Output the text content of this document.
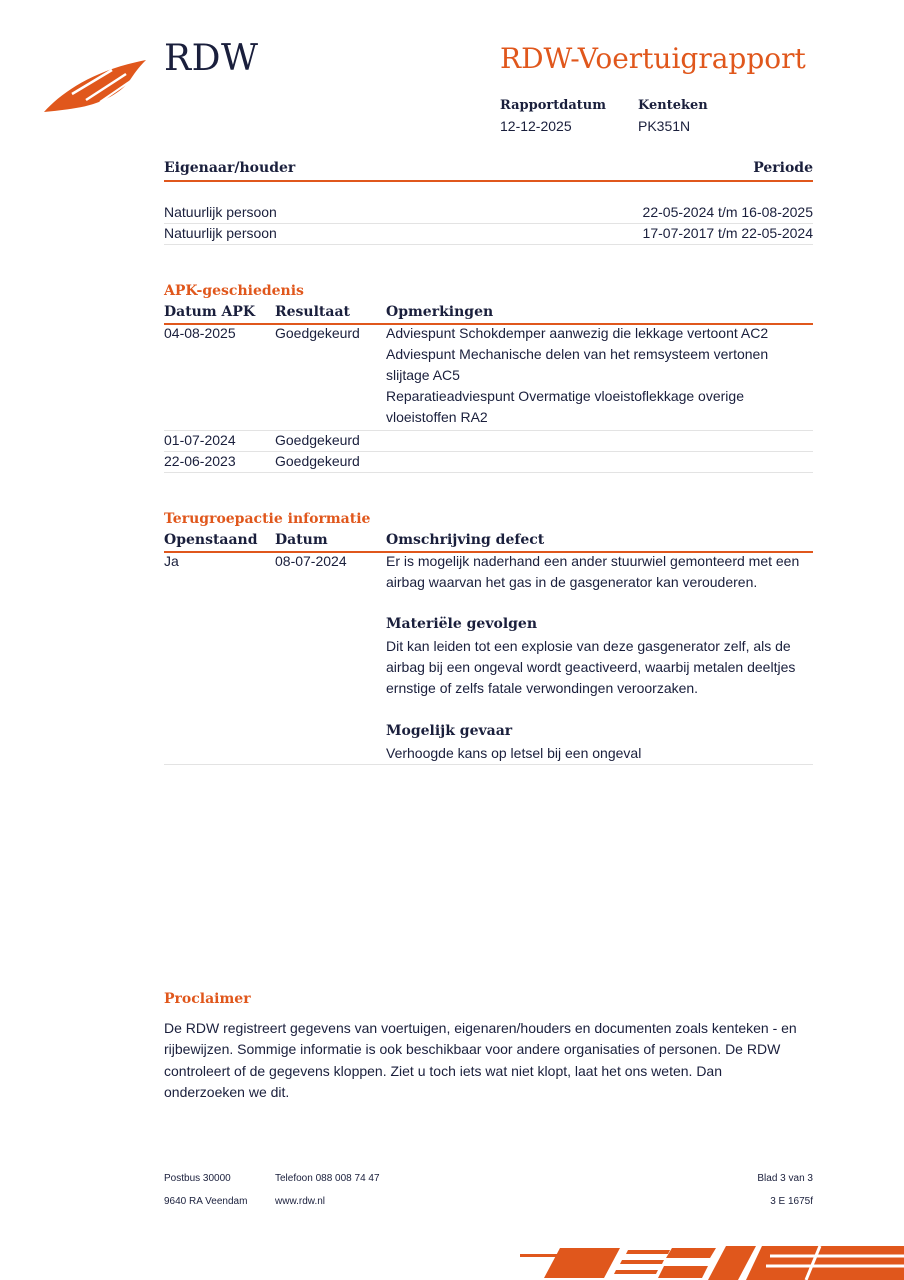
RDW	RDW-Voertuigrapport
Rapportdatum
12-12-2025
Kenteken
PK351N
Eigenaar/houder	Periode
Natuurlijk persoon	22-05-2024 t/m 16-08-2025
Natuurlijk persoon	17-07-2017 t/m 22-05-2024
APK-geschiedenis
Datum APK Resultaat	Opmerkingen
04-08-2025	Goedgekeurd Adviespunt Schokdemper aanwezig die lekkage vertoont AC2
Adviespunt Mechanische delen van het remsysteem vertonen slijtage AC5
Reparatieadviespunt Overmatige vloeistoflekkage overige vloeistoffen RA2
01-07-2024	Goedgekeurd
22-06-2023	Goedgekeurd
Terugroepactie informatie
Openstaand Datum	Omschrijving defect
Ja	08-07-2024	Er is mogelijk naderhand een ander stuurwiel gemonteerd met een airbag waarvan het gas in de gasgenerator kan verouderen.
Materiële gevolgen
Dit kan leiden tot een explosie van deze gasgenerator zelf, als de airbag bij een ongeval wordt geactiveerd, waarbij metalen deeltjes ernstige of zelfs fatale verwondingen veroorzaken.
Mogelijk gevaar
Verhoogde kans op letsel bij een ongeval
Proclaimer
De RDW registreert gegevens van voertuigen, eigenaren/houders en documenten zoals kenteken - en rijbewijzen. Sommige informatie is ook beschikbaar voor andere organisaties of personen. De RDW controleert of de gegevens kloppen. Ziet u toch iets wat niet klopt, laat het ons weten. Dan onderzoeken we dit.
Postbus 30000
9640 RA Veendam
Telefoon 088 008 74 47
www.rdw.nl
Blad 3 van 3
3 E 1675f
